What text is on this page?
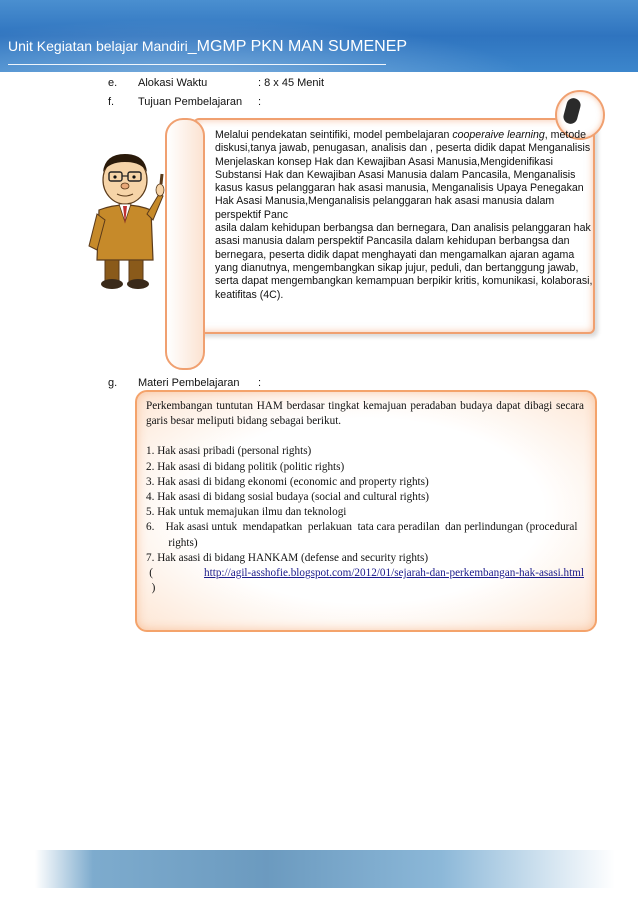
Unit Kegiatan belajar Mandiri_MGMP PKN MAN SUMENEP
e. Alokasi Waktu	: 8 x 45 Menit
f. Tujuan Pembelajaran :
Melalui pendekatan seintifiki, model pembelajaran cooperaive learning, metode diskusi,tanya jawab, penugasan, analisis dan , peserta didik dapat Menganalisis Menjelaskan konsep Hak dan Kewajiban Asasi Manusia,Mengidenifikasi Substansi Hak dan Kewajiban Asasi Manusia dalam Pancasila, Menganalisis kasus kasus pelanggaran hak asasi manusia, Menganalisis Upaya Penegakan Hak Asasi Manusia,Menganalisis pelanggaran hak asasi manusia dalam perspektif Panc
asila dalam kehidupan berbangsa dan bernegara, Dan analisis pelanggaran hak asasi manusia dalam perspektif Pancasila dalam kehidupan berbangsa dan bernegara, peserta didik dapat menghayati dan mengamalkan ajaran agama yang dianutnya, mengembangkan sikap jujur, peduli, dan bertanggung jawab, serta dapat mengembangkan kemampuan berpikir kritis, komunikasi, kolaborasi, keatifitas (4C).
g. Materi Pembelajaran :

Perkembangan tuntutan HAM berdasar tingkat kemajuan peradaban budaya dapat dibagi secara garis besar meliputi bidang sebagai berikut.

1. Hak asasi pribadi (personal rights)

2. Hak asasi di bidang politik (politic rights)

3. Hak asasi di bidang ekonomi (economic and property rights)

4. Hak asasi di bidang sosial budaya (social and cultural rights)

5. Hak untuk memajukan ilmu dan teknologi

6.    Hak asasi untuk  mendapatkan  perlakuan  tata cara peradilan  dan perlindungan (procedural

rights)

7. Hak asasi di bidang HANKAM (defense and security rights)

(                http://agil-asshofie.blogspot.com/2012/01/sejarah-dan-perkembangan-hak-asasi.html  )
